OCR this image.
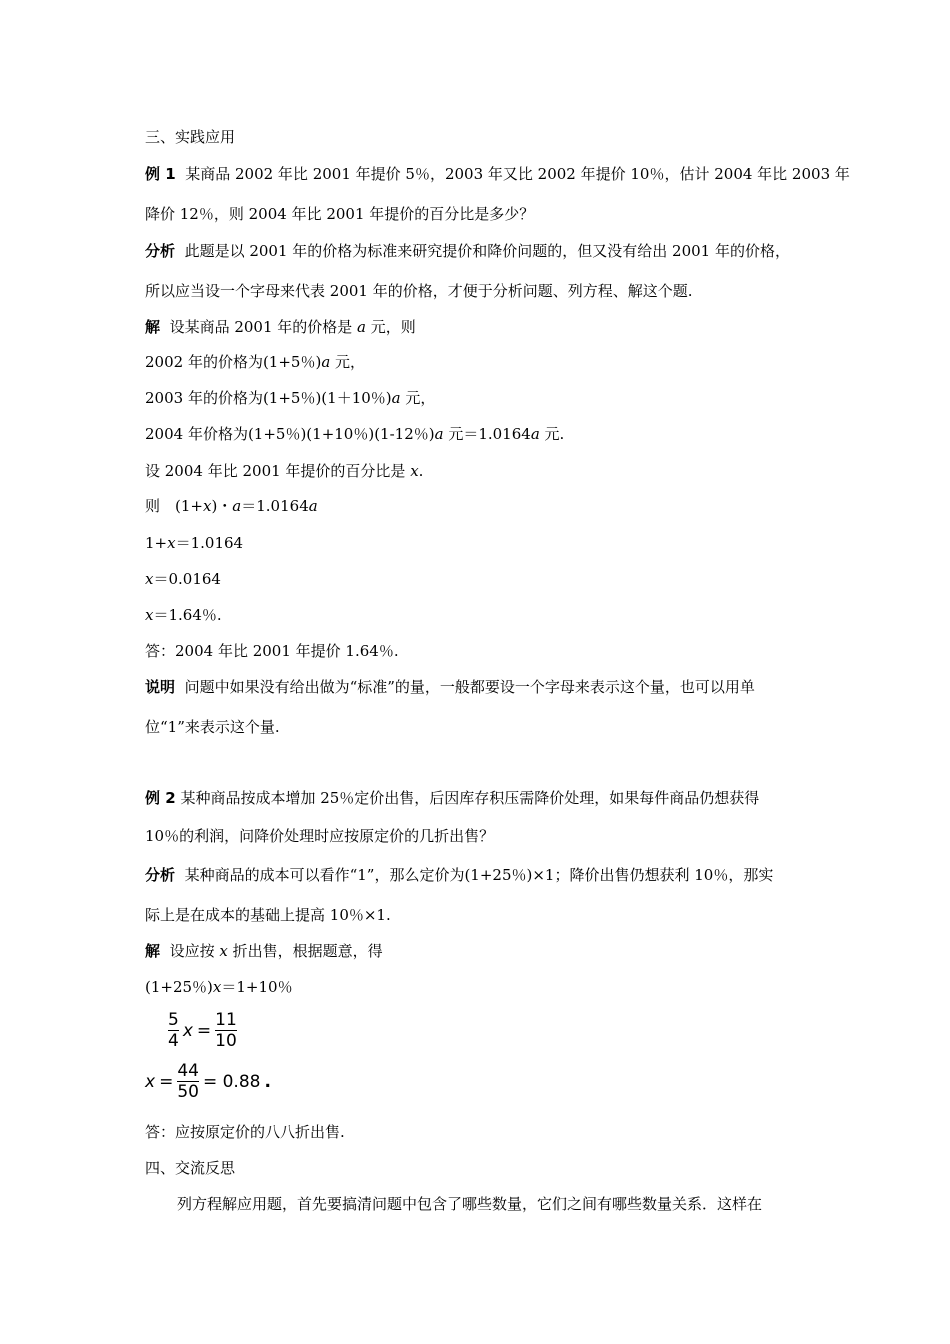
三、实践应用
例 1 某商品 2002 年比 2001 年提价 5％，2003 年又比 2002 年提价 10％，估计 2004 年比 2003 年
降价 12％，则 2004 年比 2001 年提价的百分比是多少？
分析 此题是以 2001 年的价格为标准来研究提价和降价问题的，但又没有给出 2001 年的价格，
所以应当设一个字母来代表 2001 年的价格，才便于分析问题、列方程、解这个题.
解 设某商品 2001 年的价格是 a 元，则
2002 年的价格为(1+5％)a 元，
2003 年的价格为(1+5％)(1＋10％)a 元，
2004 年价格为(1+5％)(1+10％)(1-12％)a 元＝1.0164a 元.
设 2004 年比 2001 年提价的百分比是 x.
则　(1+x)・a＝1.0164a
1+x＝1.0164
x＝0.0164
x＝1.64％.
答：2004 年比 2001 年提价 1.64％.
说明 问题中如果没有给出做为“标准”的量，一般都要设一个字母来表示这个量，也可以用单
位“1”来表示这个量.
例 2 某种商品按成本增加 25％定价出售，后因库存积压需降价处理，如果每件商品仍想获得
10％的利润，问降价处理时应按原定价的几折出售？
分析 某种商品的成本可以看作“1”，那么定价为(1+25％)×1；降价出售仍想获利 10％，那实
际上是在成本的基础上提高 10％×1.
解 设应按 x 折出售，根据题意，得
(1+25％)x＝1+10％
$\frac{5}{4}$ $x = \frac{11}{10}$
$x = \frac{44}{50} = 0.88$ .
答：应按原定价的八八折出售.
四、交流反思
列方程解应用题，首先要搞清问题中包含了哪些数量，它们之间有哪些数量关系．这样在
